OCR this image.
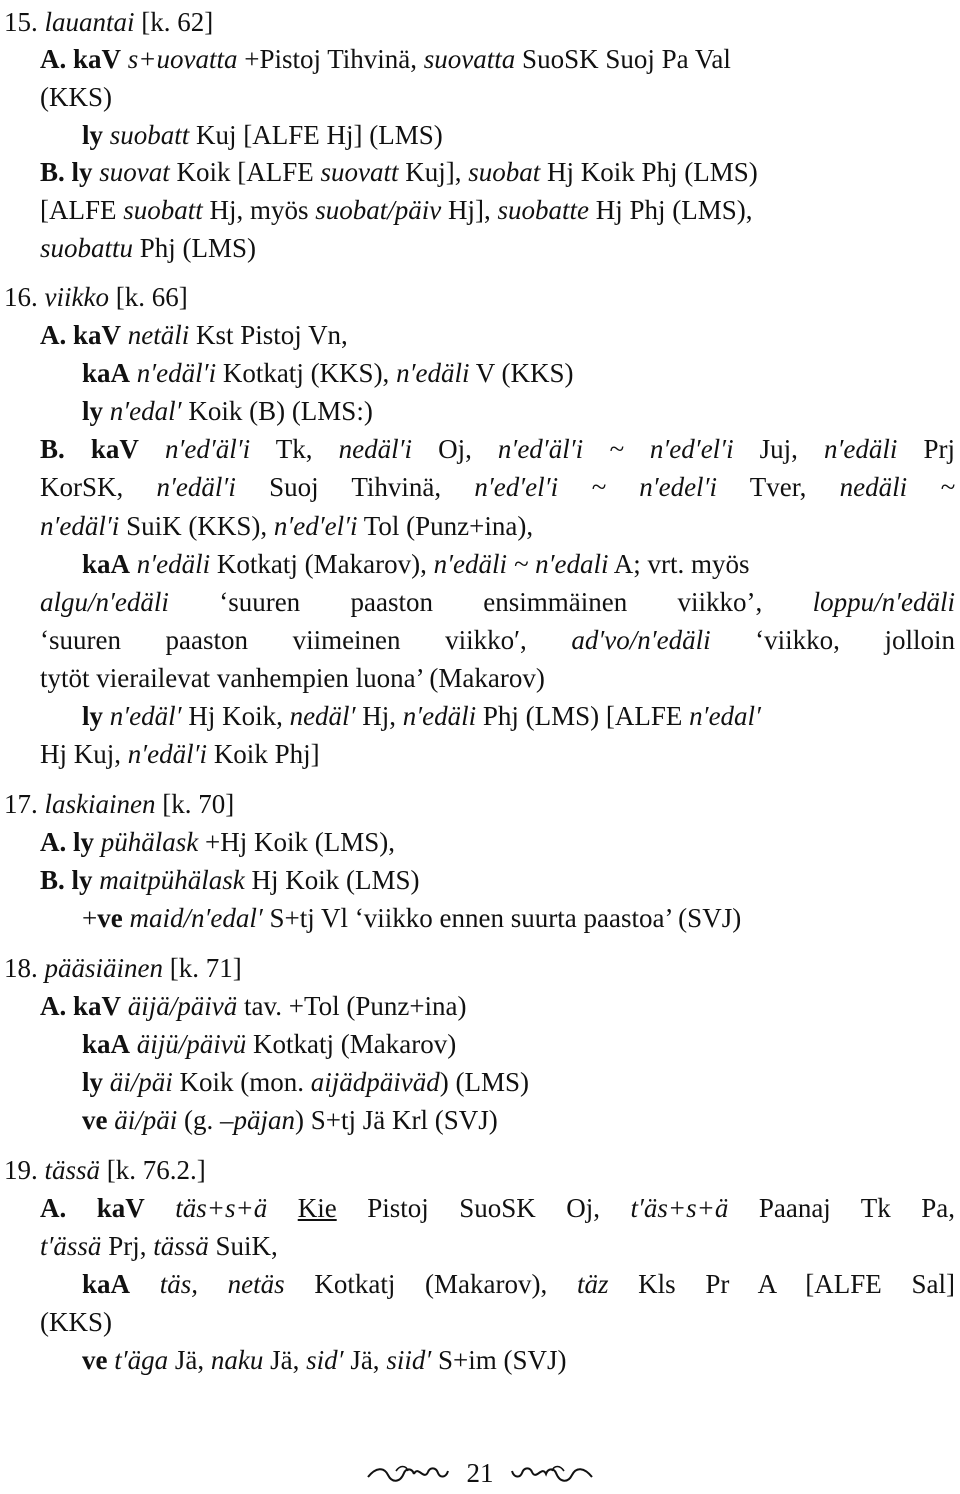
15. lauantai [k. 62]
A. kaV s+uovatta +Pistoj Tihvinä, suovatta SuoSK Suoj Pa Val
(KKS)
ly suobatt Kuj [ALFE Hj] (LMS)
B. ly suovat Koik [ALFE suovatt Kuj], suobat Hj Koik Phj (LMS)
[ALFE suobatt Hj, myös suobat/päiv Hj], suobatte Hj Phj (LMS),
suobattu Phj (LMS)
16. viikko [k. 66]
A. kaV netäli Kst Pistoj Vn,
kaA n′edäl′i Kotkatj (KKS), n′edäli V (KKS)
ly n′edal′ Koik (B) (LMS:)
B. kaV n′ed′äl′i Tk, nedäl′i Oj, n′ed′äl′i ~ n′ed′el′i Juj, n′edäli Prj
KorSK, n′edäl′i Suoj Tihvinä, n′ed′el′i ~ n′edel′i Tver, nedäli ~
n′edäl′i SuiK (KKS), n′ed′el′i Tol (Punz+ina),
kaA n′edäli Kotkatj (Makarov), n′edäli ~ n′edali A; vrt. myös
algu/n′edäli ‘suuren paaston ensimmäinen viikko’, loppu/n′edäli
‘suuren paaston viimeinen viikko′, ad′vo/n′edäli ‘viikko, jolloin
tytöt vierailevat vanhempien luona’ (Makarov)
ly n′edäl′ Hj Koik, nedäl′ Hj, n′edäli Phj (LMS) [ALFE n′edal′
Hj Kuj, n′edäl′i Koik Phj]
17. laskiainen [k. 70]
A. ly pühälask +Hj Koik (LMS),
B. ly maitpühälask Hj Koik (LMS)
+ve maid/n′edal′ S+tj Vl ‘viikko ennen suurta paastoa’ (SVJ)
18. pääsiäinen [k. 71]
A. kaV äijä/päivä tav. +Tol (Punz+ina)
kaA äijü/päivü Kotkatj (Makarov)
ly äi/päi Koik (mon. aijädpäiväd) (LMS)
ve äi/päi (g. –päjan) S+tj Jä Krl (SVJ)
19. tässä [k. 76.2.]
A. kaV täs+s+ä Kie Pistoj SuoSK Oj, t′äs+s+ä Paanaj Tk Pa,
t′ässä Prj, tässä SuiK,
kaA täs, netäs Kotkatj (Makarov), täz Kls Pr A [ALFE Sal]
(KKS)
ve t′äga Jä, naku Jä, sid′ Jä, siid′ S+im (SVJ)
21
